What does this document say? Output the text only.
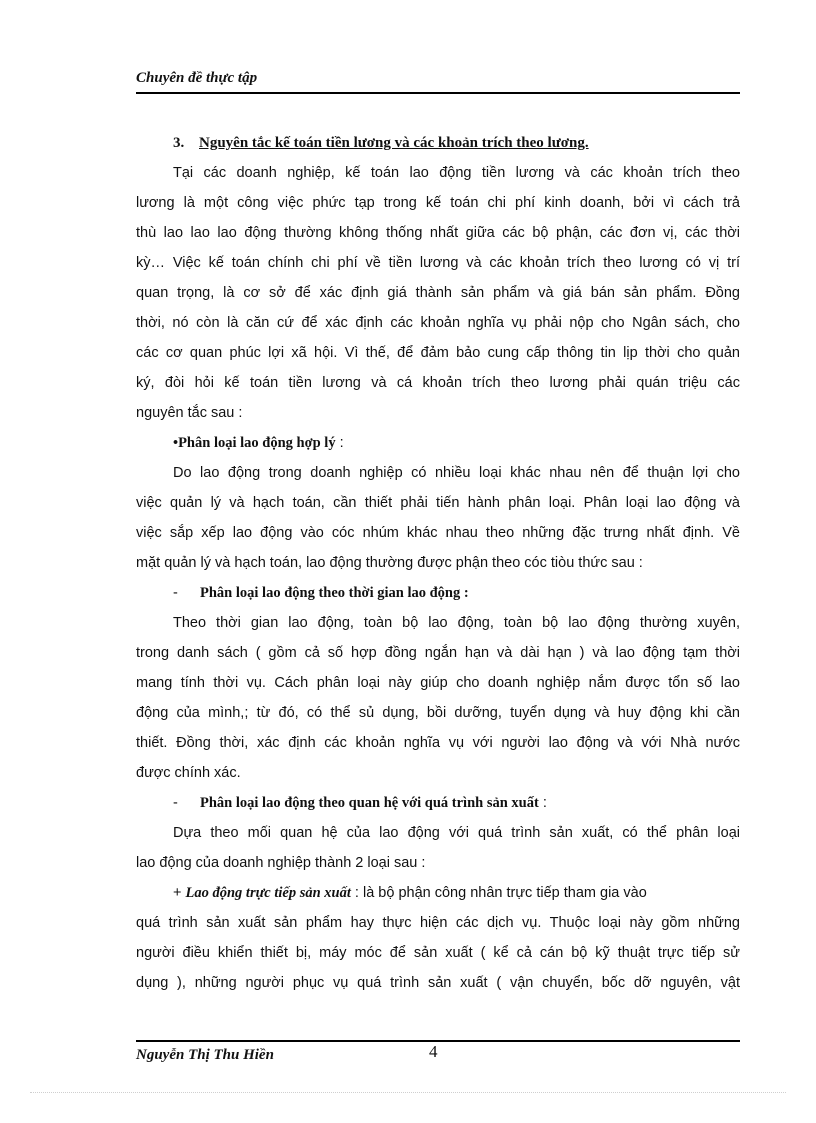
Chuyên đề thực tập
3. Nguyên tắc kế toán tiền lương và các khoản trích theo lương.
Tại các doanh nghiệp, kế toán lao động tiền lương và các khoản trích theo
lương là một công việc phức tạp trong kế toán chi phí kinh doanh, bởi vì cách trả
thù lao lao lao động thường không thống nhất giữa các bộ phận, các đơn vị, các thời
kỳ… Việc kế toán chính chi phí về tiền lương và các khoản trích theo lương có vị trí
quan trọng, là cơ sở để xác định giá thành sản phẩm và giá bán sản phẩm. Đồng
thời, nó còn là căn cứ để xác định các khoản nghĩa vụ phải nộp cho Ngân sách, cho
các cơ quan phúc lợi xã hội. Vì thế, để đảm bảo cung cấp thông tin lịp thời cho quản
ký, đòi hỏi kế toán tiền lương và cá khoản trích theo lương phải quán triệu các
nguyên tắc sau :
•Phân loại lao động hợp lý :
Do lao động trong doanh nghiệp có nhiều loại khác nhau nên để thuận lợi cho
việc quản lý và hạch toán, cần thiết phải tiến hành phân loại. Phân loại lao động và
việc sắp xếp lao động vào cóc nhúm khác nhau theo những đặc trưng nhất định. Về
mặt quản lý và hạch toán, lao động thường được phận theo cóc tiòu thức sau :
- Phân loại lao động theo thời gian lao động :
Theo thời gian lao động, toàn bộ lao động, toàn bộ lao động thường xuyên,
trong danh sách ( gồm cả số hợp đồng ngắn hạn và dài hạn ) và lao động tạm thời
mang tính thời vụ. Cách phân loại này giúp cho doanh nghiệp nắm được tổn số lao
động của mình,; từ đó, có thể sủ dụng, bồi dưỡng, tuyển dụng và huy động khi cần
thiết. Đồng thời, xác định các khoản nghĩa vụ với người lao động và với Nhà nước
được chính xác.
- Phân loại lao động theo quan hệ với quá trình sản xuất :
Dựa theo mối quan hệ của lao động với quá trình sản xuất, có thể phân loại
lao động của doanh nghiệp thành 2 loại sau :
+ Lao động trực tiếp sản xuất : là bộ phận công nhân trực tiếp tham gia vào
quá trình sản xuất sản phẩm hay thực hiện các dịch vụ. Thuộc loại này gồm những
người điều khiển thiết bị, máy móc để sản xuất ( kể cả cán bộ kỹ thuật trực tiếp sử
dụng ), những người phục vụ quá trình sản xuất ( vận chuyển, bốc dỡ nguyên, vật
Nguyễn Thị Thu Hiền	4
